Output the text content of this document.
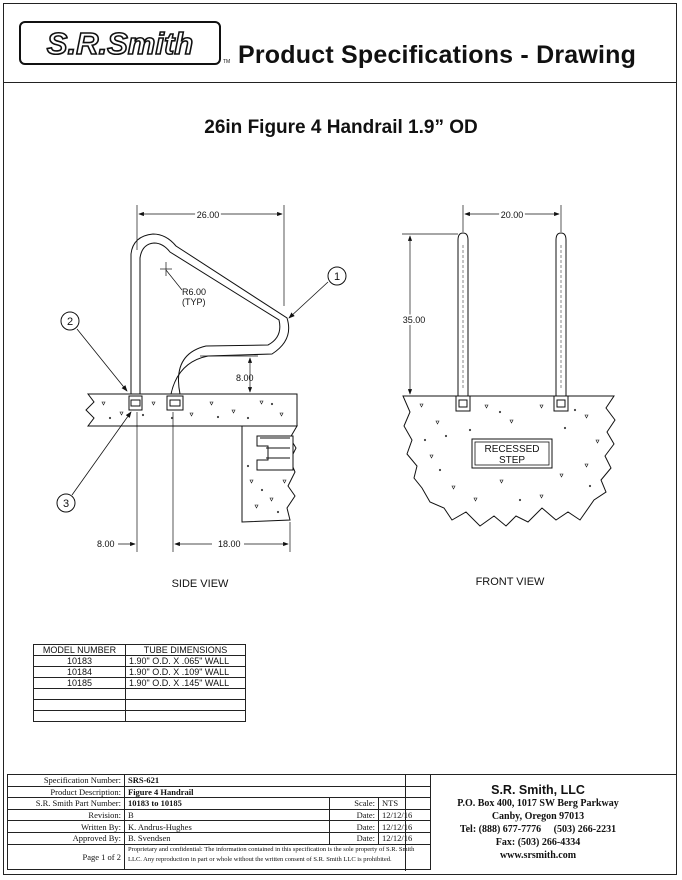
S.R.Smith
TM Product Specifications - Drawing
26in Figure 4 Handrail 1.9” OD
26.00
R6.00
(TYP)
8.00
8.00	18.00
1
2
3
SIDE VIEW
20.00
35.00
RECESSED
STEP
FRONT VIEW
MODEL NUMBER	TUBE DIMENSIONS
10183	1.90" O.D. X .065" WALL
10184	1.90" O.D. X .109" WALL
10185	1.90" O.D. X .145" WALL

Specification Number:	SRS-621		
Product Description:	Figure 4 Handrail		
S.R. Smith Part Number:	10183 to 10185	Scale:	NTS
Revision:	B	Date:	12/12/16
Written By:	K. Andrus-Hughes	Date:	12/12/16
Approved By:	B. Svendsen	Date:	12/12/16
Page 1 of 2	Proprietary and confidential: The information contained in this specification is the sole property of S.R. Smith LLC. Any reproduction in part or whole without the written consent of S.R. Smith LLC is prohibited.		
S.R. Smith, LLC
P.O. Box 400, 1017 SW Berg Parkway
Canby, Oregon 97013
Tel: (888) 677-7776 (503) 266-2231
Fax: (503) 266-4334
www.srsmith.com
